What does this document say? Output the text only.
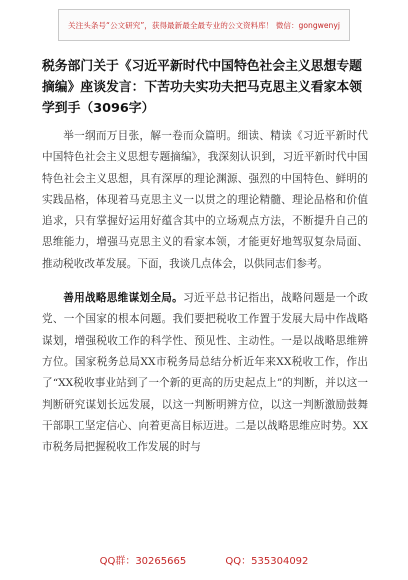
关注头条号“公文研究”，获得最新最全最专业的公文资料库！ 微信：gongwenyj
税务部门关于《习近平新时代中国特色社会主义思想专题摘编》座谈发言：下苦功夫实功夫把马克思主义看家本领学到手（3096字）

举一纲而万目张，解一卷而众篇明。细读、精读《习近平新时代中国特色社会主义思想专题摘编》，我深刻认识到，习近平新时代中国特色社会主义思想，具有深厚的理论渊源、强烈的中国特色、鲜明的实践品格，体现着马克思主义一以贯之的理论精髓、理论品格和价值追求，只有掌握好运用好蕴含其中的立场观点方法，不断提升自己的思维能力，增强马克思主义的看家本领，才能更好地驾驭复杂局面、推动税收改革发展。下面，我谈几点体会，以供同志们参考。

善用战略思维谋划全局。习近平总书记指出，战略问题是一个政党、一个国家的根本问题。我们要把税收工作置于发展大局中作战略谋划，增强税收工作的科学性、预见性、主动性。一是以战略思维辨方位。国家税务总局XX市税务局总结分析近年来XX税收工作，作出了“XX税收事业站到了一个新的更高的历史起点上”的判断，并以这一判断研究谋划长远发展，以这一判断明辨方位，以这一判断激励鼓舞干部职工坚定信心、向着更高目标迈进。二是以战略思维应时势。XX市税务局把握税收工作发展的时与

QQ群：30265665	QQ：535304092
